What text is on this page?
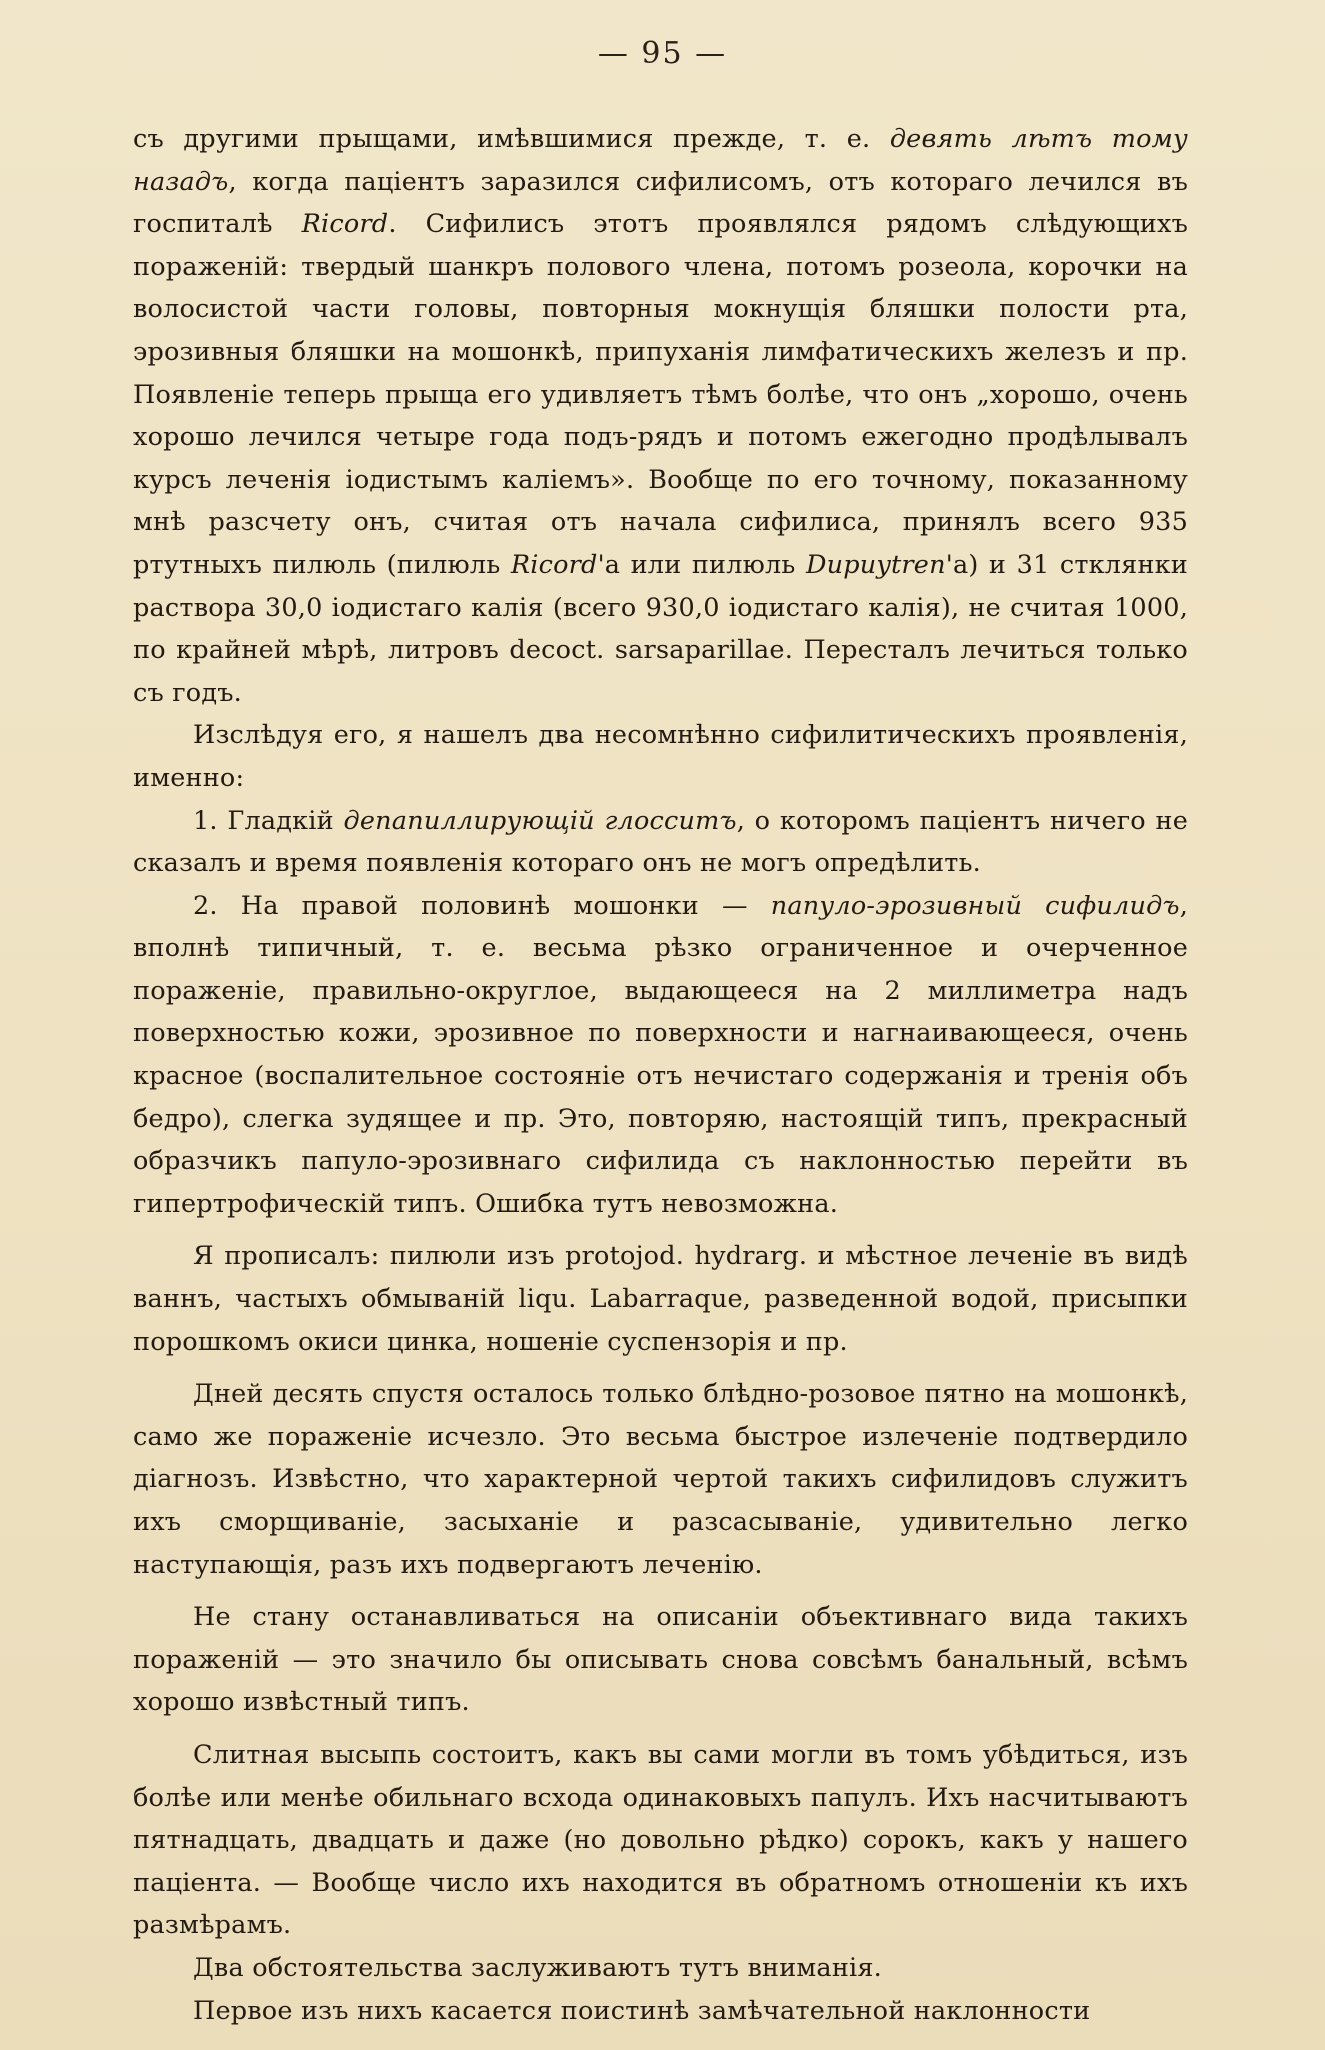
— 95 —

съ другими прыщами, имѣвшимися прежде, т. е. девять лѣтъ тому назадъ, когда паціентъ заразился сифилисомъ, отъ котораго лечился въ госпиталѣ Ricord. Сифилисъ этотъ проявлялся рядомъ слѣдующихъ пораженій: твердый шанкръ полового члена, потомъ розеола, корочки на волосистой части головы, повторныя мокнущія бляшки полости рта, эрозивныя бляшки на мошонкѣ, припуханія лимфатическихъ железъ и пр. Появленіе теперь прыща его удивляетъ тѣмъ болѣе, что онъ „хорошо, очень хорошо лечился четыре года подъ-рядъ и потомъ ежегодно продѣлывалъ курсъ леченія іодистымъ каліемъ». Вообще по его точному, показанному мнѣ разсчету онъ, считая отъ начала сифилиса, принялъ всего 935 ртутныхъ пилюль (пилюль Ricord'а или пилюль Dupuytren'а) и 31 стклянки раствора 30,0 іодистаго калія (всего 930,0 іодистаго калія), не считая 1000, по крайней мѣрѣ, литровъ decoct. sarsaparillae. Пересталъ лечиться только съ годъ.

Изслѣдуя его, я нашелъ два несомнѣнно сифилитическихъ проявленія, именно:

1. Гладкій депапиллирующій глосситъ, о которомъ паціентъ ничего не сказалъ и время появленія котораго онъ не могъ опредѣлить.

2. На правой половинѣ мошонки — папуло-эрозивный сифилидъ, вполнѣ типичный, т. е. весьма рѣзко ограниченное и очерченное пораженіе, правильно-округлое, выдающееся на 2 миллиметра надъ поверхностью кожи, эрозивное по поверхности и нагнаивающееся, очень красное (воспалительное состояніе отъ нечистаго содержанія и тренія объ бедро), слегка зудящее и пр. Это, повторяю, настоящій типъ, прекрасный образчикъ папуло-эрозивнаго сифилида съ наклонностью перейти въ гипертрофическій типъ. Ошибка тутъ невозможна.

Я прописалъ: пилюли изъ protojod. hydrarg. и мѣстное леченіе въ видѣ ваннъ, частыхъ обмываній liqu. Labarraque, разведенной водой, присыпки порошкомъ окиси цинка, ношеніе суспензорія и пр.

Дней десять спустя осталось только блѣдно-розовое пятно на мошонкѣ, само же пораженіе исчезло. Это весьма быстрое излеченіе подтвердило діагнозъ. Извѣстно, что характерной чертой такихъ сифилидовъ служитъ ихъ сморщиваніе, засыханіе и разсасываніе, удивительно легко наступающія, разъ ихъ подвергаютъ леченію.

Не стану останавливаться на описаніи объективнаго вида такихъ пораженій — это значило бы описывать снова совсѣмъ банальный, всѣмъ хорошо извѣстный типъ.

Слитная высыпь состоитъ, какъ вы сами могли въ томъ убѣдиться, изъ болѣе или менѣе обильнаго всхода одинаковыхъ папулъ. Ихъ насчитываютъ пятнадцать, двадцать и даже (но довольно рѣдко) сорокъ, какъ у нашего паціента. — Вообще число ихъ находится въ обратномъ отношеніи къ ихъ размѣрамъ.

Два обстоятельства заслуживаютъ тутъ вниманія.

Первое изъ нихъ касается поистинѣ замѣчательной наклонности
